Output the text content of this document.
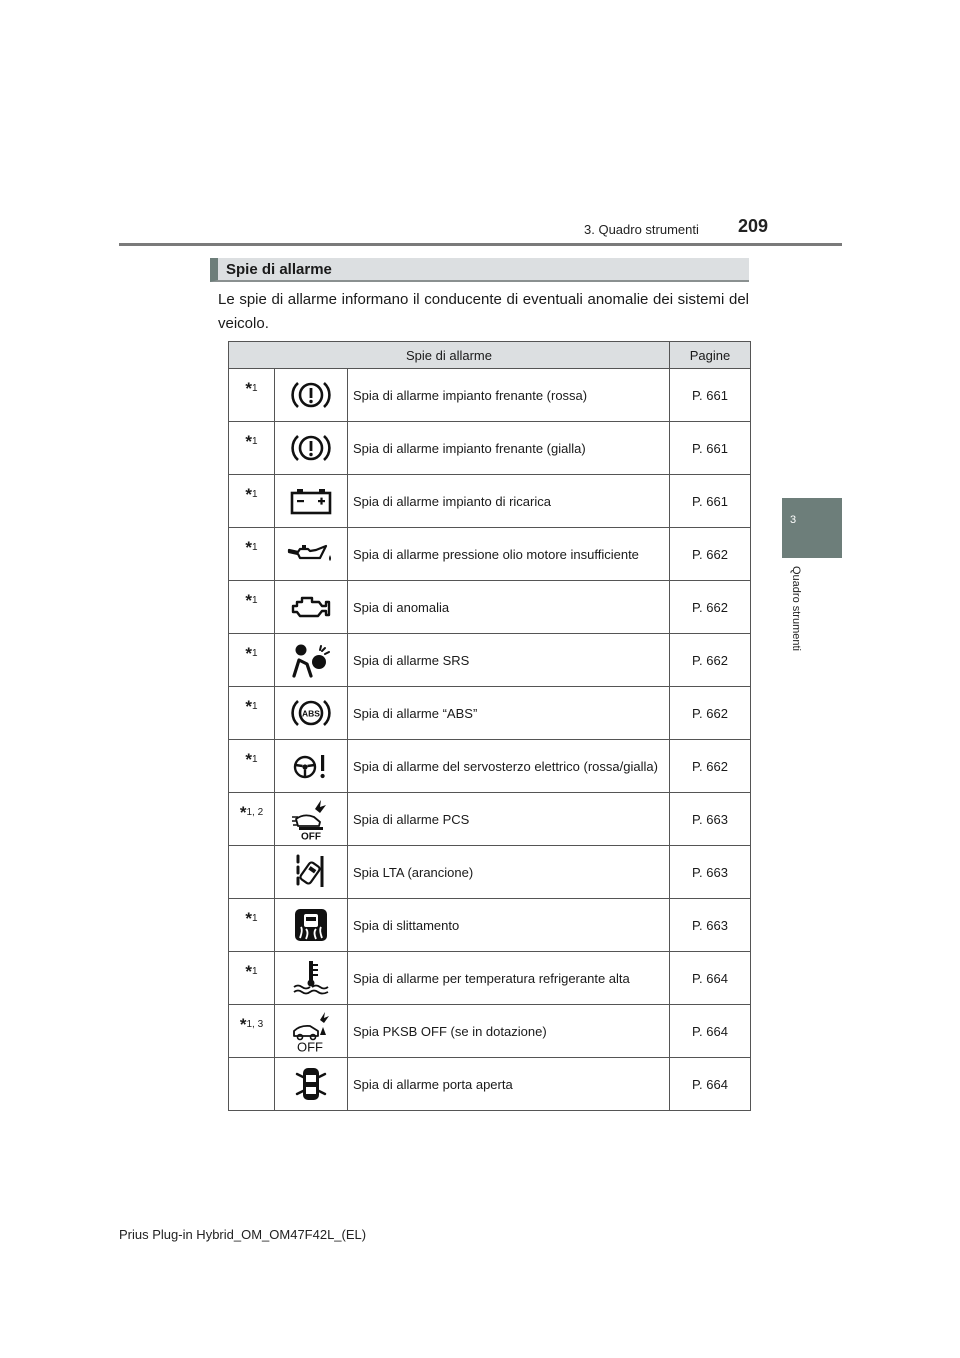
3. Quadro strumenti 209
3
Quadro strumenti
Spie di allarme

Le spie di allarme informano il conducente di eventuali anomalie dei sistemi del veicolo.

Spie di allarme			Pagine
*$^1$		Spia di allarme impianto frenante (rossa)	P. 661
*$^1$		Spia di allarme impianto frenante (gialla)	P. 661
*$^1$		Spia di allarme impianto di ricarica	P. 661
*$^1$		Spia di allarme pressione olio motore insufficiente	P. 662
*$^1$		Spia di anomalia	P. 662
*$^1$		Spia di allarme SRS	P. 662
*$^1$	ABS	Spia di allarme “ABS”	P. 662
*$^1$		Spia di allarme del servosterzo elettrico (rossa/gialla)	P. 662
*$^{1, 2}$	OFF	Spia di allarme PCS	P. 663

	Spia LTA (arancione)	P. 663
*$^1$		Spia di slittamento	P. 663
*$^1$		Spia di allarme per temperatura refrigerante alta	P. 664
*$^{1, 3}$	OFF	Spia PKSB OFF (se in dotazione)	P. 664

	Spia di allarme porta aperta	P. 664
Prius Plug-in Hybrid_OM_OM47F42L_(EL)
